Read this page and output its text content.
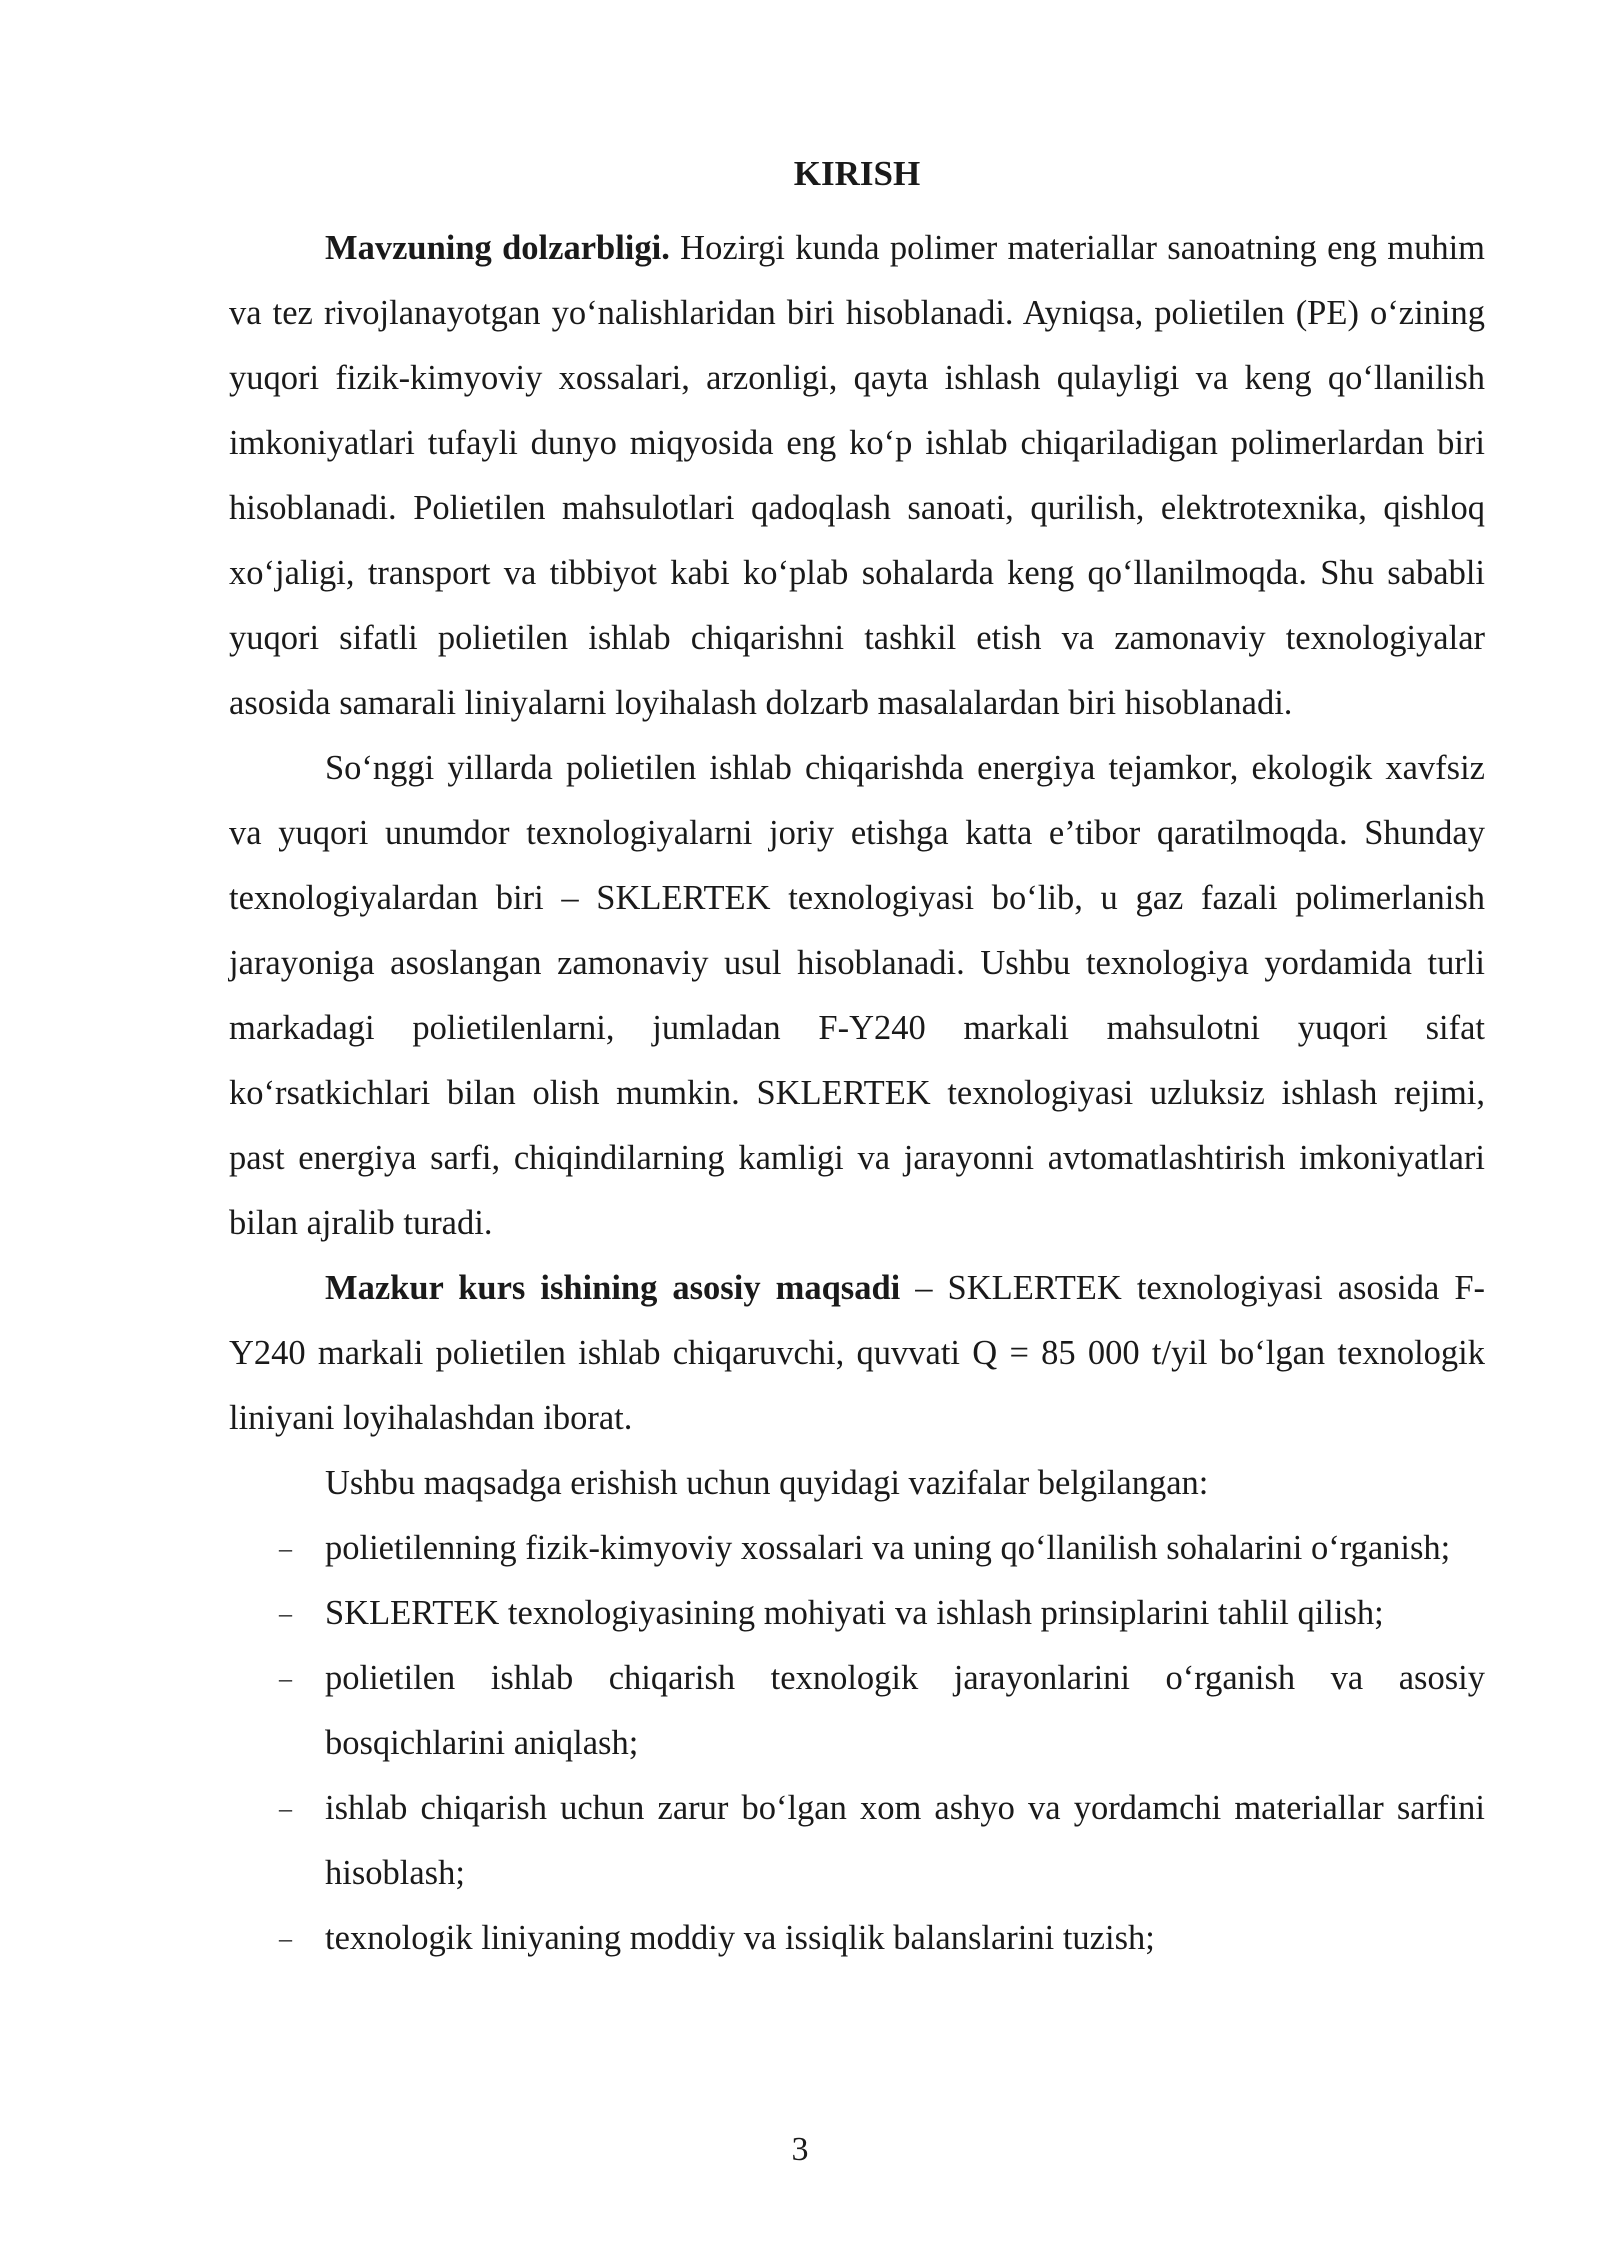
KIRISH

Mavzuning dolzarbligi. Hozirgi kunda polimer materiallar sanoatning eng muhim va tez rivojlanayotgan yo‘nalishlaridan biri hisoblanadi. Ayniqsa, polietilen (PE) o‘zining yuqori fizik-kimyoviy xossalari, arzonligi, qayta ishlash qulayligi va keng qo‘llanilish imkoniyatlari tufayli dunyo miqyosida eng ko‘p ishlab chiqariladigan polimerlardan biri hisoblanadi. Polietilen mahsulotlari qadoqlash sanoati, qurilish, elektrotexnika, qishloq xo‘jaligi, transport va tibbiyot kabi ko‘plab sohalarda keng qo‘llanilmoqda. Shu sababli yuqori sifatli polietilen ishlab chiqarishni tashkil etish va zamonaviy texnologiyalar asosida samarali liniyalarni loyihalash dolzarb masalalardan biri hisoblanadi.

So‘nggi yillarda polietilen ishlab chiqarishda energiya tejamkor, ekologik xavfsiz va yuqori unumdor texnologiyalarni joriy etishga katta e’tibor qaratilmoqda. Shunday texnologiyalardan biri – SKLERTEK texnologiyasi bo‘lib, u gaz fazali polimerlanish jarayoniga asoslangan zamonaviy usul hisoblanadi. Ushbu texnologiya yordamida turli markadagi polietilenlarni, jumladan F-Y240 markali mahsulotni yuqori sifat ko‘rsatkichlari bilan olish mumkin. SKLERTEK texnologiyasi uzluksiz ishlash rejimi, past energiya sarfi, chiqindilarning kamligi va jarayonni avtomatlashtirish imkoniyatlari bilan ajralib turadi.

Mazkur kurs ishining asosiy maqsadi – SKLERTEK texnologiyasi asosida F-Y240 markali polietilen ishlab chiqaruvchi, quvvati Q = 85 000 t/yil bo‘lgan texnologik liniyani loyihalashdan iborat.

Ushbu maqsadga erishish uchun quyidagi vazifalar belgilangan:

– polietilenning fizik-kimyoviy xossalari va uning qo‘llanilish sohalarini o‘rganish;
– SKLERTEK texnologiyasining mohiyati va ishlash prinsiplarini tahlil qilish;
– polietilen ishlab chiqarish texnologik jarayonlarini o‘rganish va asosiy bosqichlarini aniqlash;
– ishlab chiqarish uchun zarur bo‘lgan xom ashyo va yordamchi materiallar sarfini hisoblash;
– texnologik liniyaning moddiy va issiqlik balanslarini tuzish;
3
